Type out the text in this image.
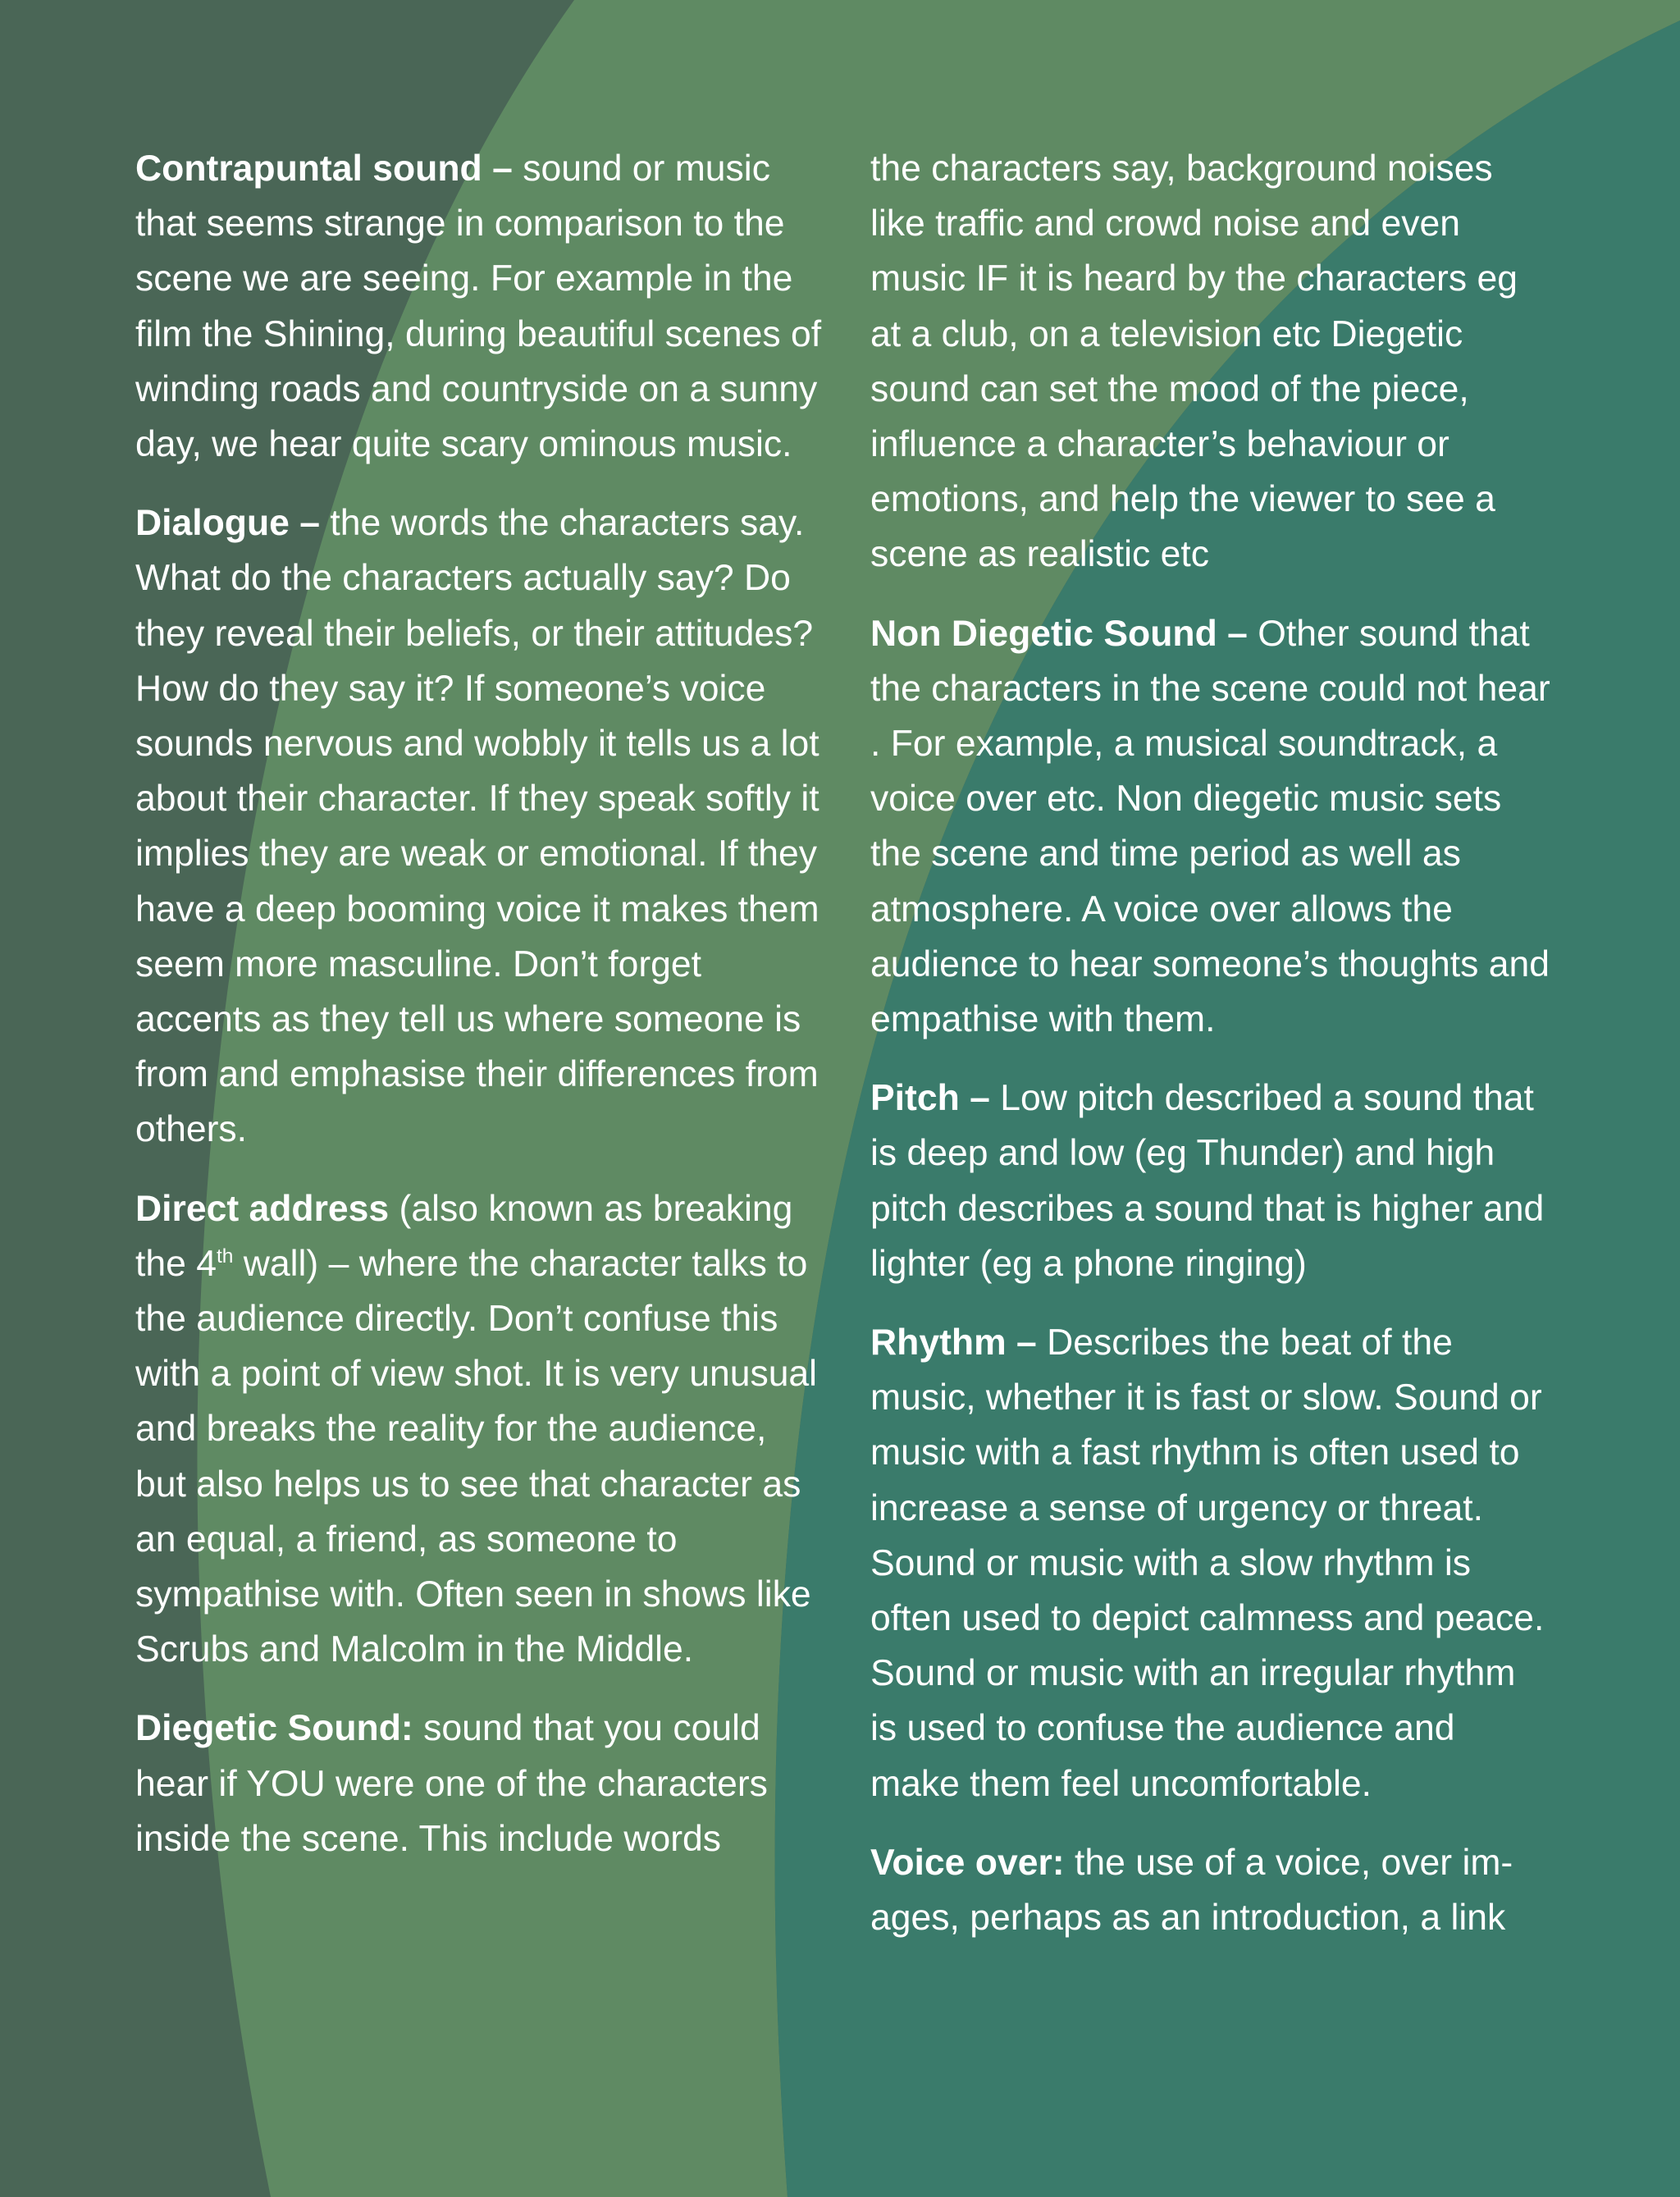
Contrapuntal sound – sound or music that seems strange in comparison to the scene we are seeing. For example in the film the Shining, during beautiful scenes of winding roads and countryside on a sunny day, we hear quite scary ominous music.

Dialogue – the words the characters say. What do the characters actually say? Do they reveal their beliefs, or their attitudes? How do they say it? If someone’s voice sounds nervous and wobbly it tells us a lot about their character. If they speak softly it implies they are weak or emotional. If they have a deep booming voice it makes them seem more masculine. Don’t forget accents as they tell us where someone is from and emphasise their differences from others.

Direct address (also known as breaking the 4th wall) – where the character talks to the audience directly. Don’t confuse this with a point of view shot. It is very unusual and breaks the reality for the audience, but also helps us to see that character as an equal, a friend, as someone to sympathise with. Often seen in shows like Scrubs and Malcolm in the Middle.

Diegetic Sound: sound that you could hear if YOU were one of the characters inside the scene. This include words

the characters say, background noises like traffic and crowd noise and even music IF it is heard by the characters eg at a club, on a television etc Diegetic sound can set the mood of the piece, influence a character’s behaviour or emotions, and help the viewer to see a scene as realistic etc

Non Diegetic Sound – Other sound that the characters in the scene could not hear . For example, a musical soundtrack, a voice over etc. Non diegetic music sets the scene and time period as well as atmosphere. A voice over allows the audience to hear someone’s thoughts and empathise with them.

Pitch – Low pitch described a sound that is deep and low (eg Thunder) and high pitch describes a sound that is higher and lighter (eg a phone ringing)

Rhythm – Describes the beat of the music, whether it is fast or slow. Sound or music with a fast rhythm is often used to increase a sense of urgency or threat. Sound or music with a slow rhythm is often used to depict calmness and peace. Sound or music with an irregular rhythm is used to confuse the audience and make them feel uncomfortable.

Voice over: the use of a voice, over images, perhaps as an introduction, a link
